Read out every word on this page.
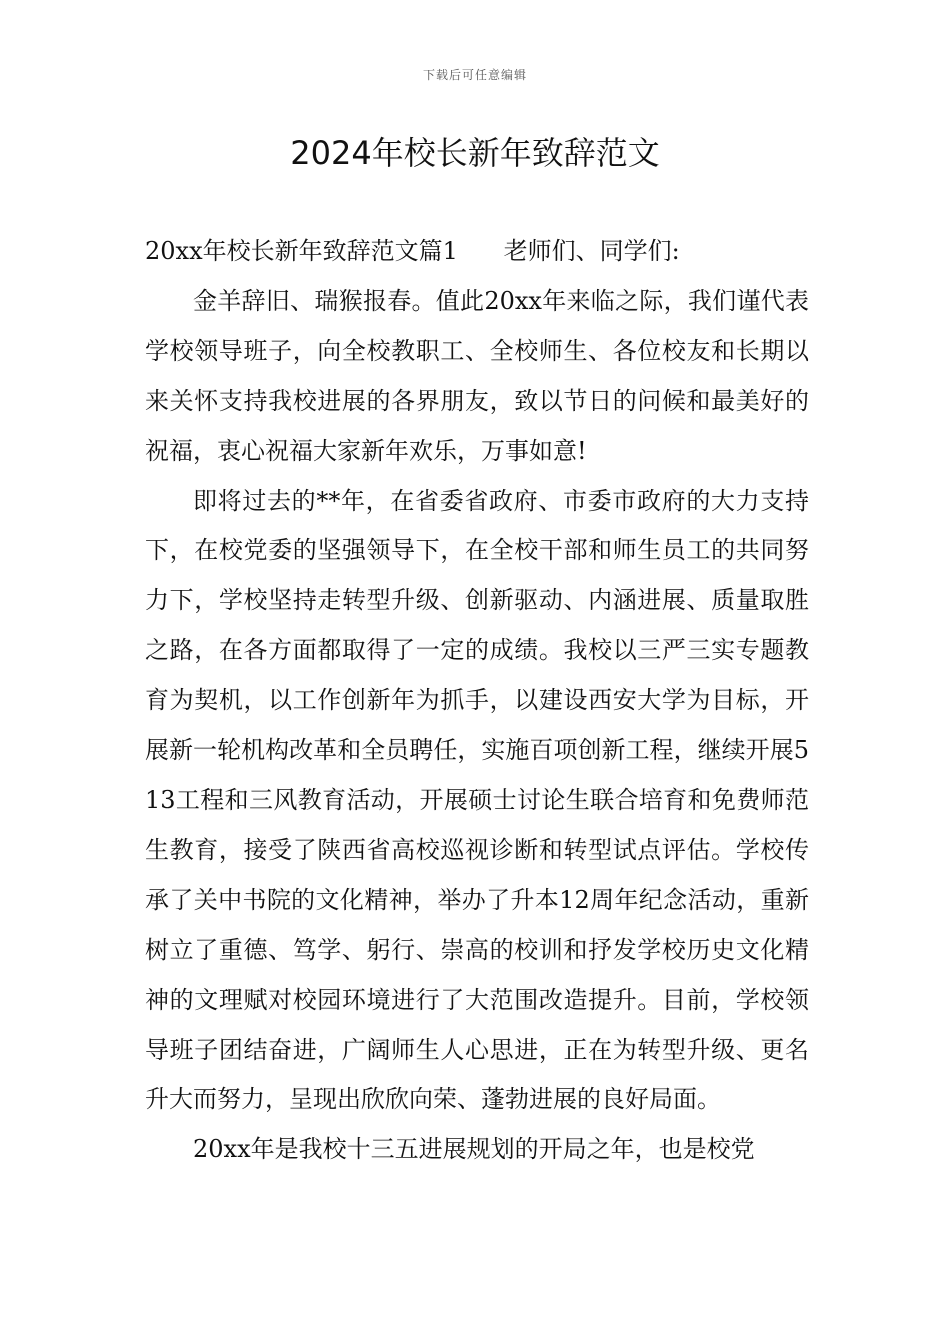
下载后可任意编辑
2024年校长新年致辞范文
20xx年校长新年致辞范文篇1      老师们、同学们:

金羊辞旧、瑞猴报春。值此20xx年来临之际，我们谨代表学校领导班子，向全校教职工、全校师生、各位校友和长期以来关怀支持我校进展的各界朋友，致以节日的问候和最美好的祝福，衷心祝福大家新年欢乐，万事如意!

即将过去的**年，在省委省政府、市委市政府的大力支持下，在校党委的坚强领导下，在全校干部和师生员工的共同努力下，学校坚持走转型升级、创新驱动、内涵进展、质量取胜之路，在各方面都取得了一定的成绩。我校以三严三实专题教育为契机，以工作创新年为抓手，以建设西安大学为目标，开展新一轮机构改革和全员聘任，实施百项创新工程，继续开展513工程和三风教育活动，开展硕士讨论生联合培育和免费师范生教育，接受了陕西省高校巡视诊断和转型试点评估。学校传承了关中书院的文化精神，举办了升本12周年纪念活动，重新树立了重德、笃学、躬行、崇高的校训和抒发学校历史文化精神的文理赋对校园环境进行了大范围改造提升。目前，学校领导班子团结奋进，广阔师生人心思进，正在为转型升级、更名升大而努力，呈现出欣欣向荣、蓬勃进展的良好局面。

20xx年是我校十三五进展规划的开局之年，也是校党
